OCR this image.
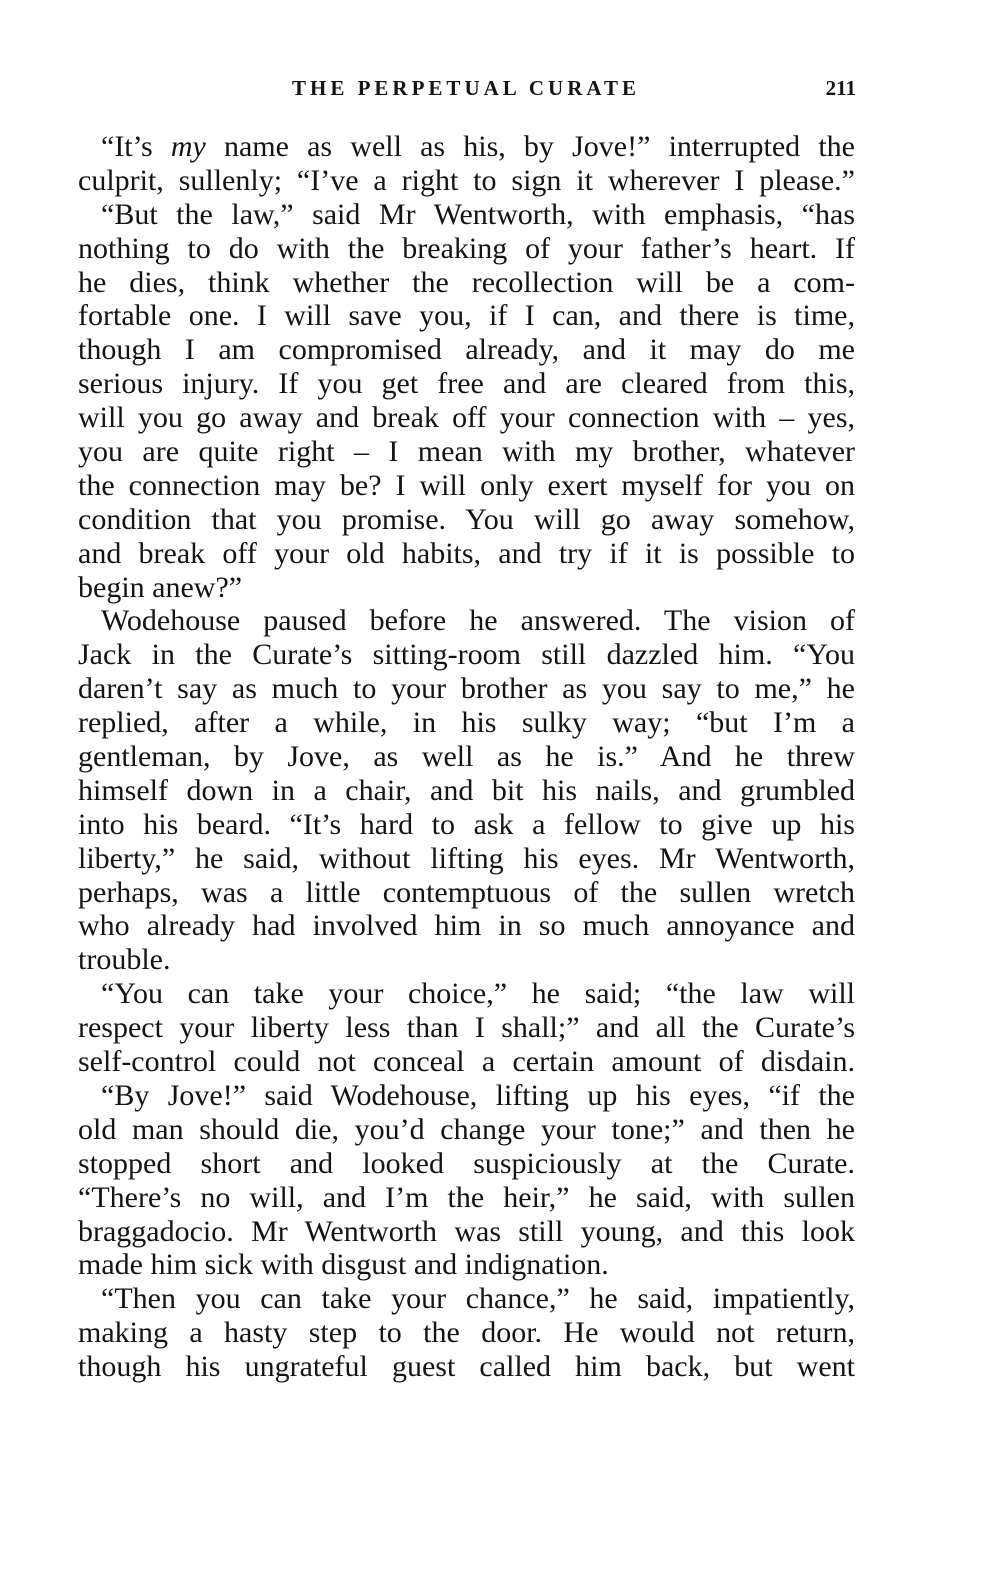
THE PERPETUAL CURATE	211
“It’s my name as well as his, by Jove!” interrupted the
culprit, sullenly; “I’ve a right to sign it wherever I please.”
“But the law,” said Mr Wentworth, with emphasis, “has
nothing to do with the breaking of your father’s heart. If
he dies, think whether the recollection will be a com-
fortable one. I will save you, if I can, and there is time,
though I am compromised already, and it may do me
serious injury. If you get free and are cleared from this,
will you go away and break off your connection with – yes,
you are quite right – I mean with my brother, whatever
the connection may be? I will only exert myself for you on
condition that you promise. You will go away somehow,
and break off your old habits, and try if it is possible to
begin anew?”
Wodehouse paused before he answered. The vision of
Jack in the Curate’s sitting-room still dazzled him. “You
daren’t say as much to your brother as you say to me,” he
replied, after a while, in his sulky way; “but I’m a
gentleman, by Jove, as well as he is.” And he threw
himself down in a chair, and bit his nails, and grumbled
into his beard. “It’s hard to ask a fellow to give up his
liberty,” he said, without lifting his eyes. Mr Wentworth,
perhaps, was a little contemptuous of the sullen wretch
who already had involved him in so much annoyance and
trouble.
“You can take your choice,” he said; “the law will
respect your liberty less than I shall;” and all the Curate’s
self-control could not conceal a certain amount of disdain.
“By Jove!” said Wodehouse, lifting up his eyes, “if the
old man should die, you’d change your tone;” and then he
stopped short and looked suspiciously at the Curate.
“There’s no will, and I’m the heir,” he said, with sullen
braggadocio. Mr Wentworth was still young, and this look
made him sick with disgust and indignation.
“Then you can take your chance,” he said, impatiently,
making a hasty step to the door. He would not return,
though his ungrateful guest called him back, but went
